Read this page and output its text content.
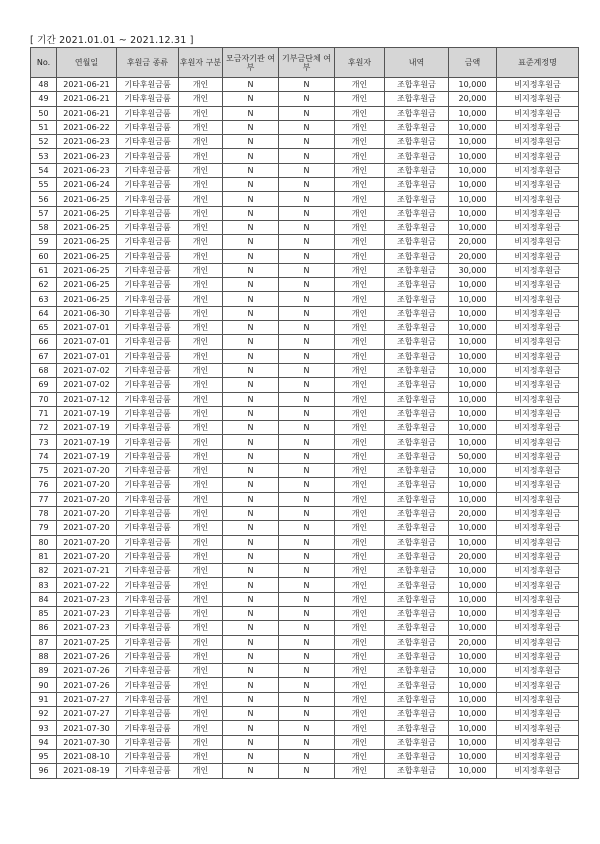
[ 기간 2021.01.01 ~ 2021.12.31 ]
No.	연월일	후원금 종류	후원자 구분	모금자기관 여부	기부금단체 여부	후원자	내역	금액	표준계정명
48	2021-06-21	기타후원금품	개인	N	N	개인	조합후원금	10,000	비지정후원금
49	2021-06-21	기타후원금품	개인	N	N	개인	조합후원금	20,000	비지정후원금
50	2021-06-21	기타후원금품	개인	N	N	개인	조합후원금	10,000	비지정후원금
51	2021-06-22	기타후원금품	개인	N	N	개인	조합후원금	10,000	비지정후원금
52	2021-06-23	기타후원금품	개인	N	N	개인	조합후원금	10,000	비지정후원금
53	2021-06-23	기타후원금품	개인	N	N	개인	조합후원금	10,000	비지정후원금
54	2021-06-23	기타후원금품	개인	N	N	개인	조합후원금	10,000	비지정후원금
55	2021-06-24	기타후원금품	개인	N	N	개인	조합후원금	10,000	비지정후원금
56	2021-06-25	기타후원금품	개인	N	N	개인	조합후원금	10,000	비지정후원금
57	2021-06-25	기타후원금품	개인	N	N	개인	조합후원금	10,000	비지정후원금
58	2021-06-25	기타후원금품	개인	N	N	개인	조합후원금	10,000	비지정후원금
59	2021-06-25	기타후원금품	개인	N	N	개인	조합후원금	20,000	비지정후원금
60	2021-06-25	기타후원금품	개인	N	N	개인	조합후원금	20,000	비지정후원금
61	2021-06-25	기타후원금품	개인	N	N	개인	조합후원금	30,000	비지정후원금
62	2021-06-25	기타후원금품	개인	N	N	개인	조합후원금	10,000	비지정후원금
63	2021-06-25	기타후원금품	개인	N	N	개인	조합후원금	10,000	비지정후원금
64	2021-06-30	기타후원금품	개인	N	N	개인	조합후원금	10,000	비지정후원금
65	2021-07-01	기타후원금품	개인	N	N	개인	조합후원금	10,000	비지정후원금
66	2021-07-01	기타후원금품	개인	N	N	개인	조합후원금	10,000	비지정후원금
67	2021-07-01	기타후원금품	개인	N	N	개인	조합후원금	10,000	비지정후원금
68	2021-07-02	기타후원금품	개인	N	N	개인	조합후원금	10,000	비지정후원금
69	2021-07-02	기타후원금품	개인	N	N	개인	조합후원금	10,000	비지정후원금
70	2021-07-12	기타후원금품	개인	N	N	개인	조합후원금	10,000	비지정후원금
71	2021-07-19	기타후원금품	개인	N	N	개인	조합후원금	10,000	비지정후원금
72	2021-07-19	기타후원금품	개인	N	N	개인	조합후원금	10,000	비지정후원금
73	2021-07-19	기타후원금품	개인	N	N	개인	조합후원금	10,000	비지정후원금
74	2021-07-19	기타후원금품	개인	N	N	개인	조합후원금	50,000	비지정후원금
75	2021-07-20	기타후원금품	개인	N	N	개인	조합후원금	10,000	비지정후원금
76	2021-07-20	기타후원금품	개인	N	N	개인	조합후원금	10,000	비지정후원금
77	2021-07-20	기타후원금품	개인	N	N	개인	조합후원금	10,000	비지정후원금
78	2021-07-20	기타후원금품	개인	N	N	개인	조합후원금	20,000	비지정후원금
79	2021-07-20	기타후원금품	개인	N	N	개인	조합후원금	10,000	비지정후원금
80	2021-07-20	기타후원금품	개인	N	N	개인	조합후원금	10,000	비지정후원금
81	2021-07-20	기타후원금품	개인	N	N	개인	조합후원금	20,000	비지정후원금
82	2021-07-21	기타후원금품	개인	N	N	개인	조합후원금	10,000	비지정후원금
83	2021-07-22	기타후원금품	개인	N	N	개인	조합후원금	10,000	비지정후원금
84	2021-07-23	기타후원금품	개인	N	N	개인	조합후원금	10,000	비지정후원금
85	2021-07-23	기타후원금품	개인	N	N	개인	조합후원금	10,000	비지정후원금
86	2021-07-23	기타후원금품	개인	N	N	개인	조합후원금	10,000	비지정후원금
87	2021-07-25	기타후원금품	개인	N	N	개인	조합후원금	20,000	비지정후원금
88	2021-07-26	기타후원금품	개인	N	N	개인	조합후원금	10,000	비지정후원금
89	2021-07-26	기타후원금품	개인	N	N	개인	조합후원금	10,000	비지정후원금
90	2021-07-26	기타후원금품	개인	N	N	개인	조합후원금	10,000	비지정후원금
91	2021-07-27	기타후원금품	개인	N	N	개인	조합후원금	10,000	비지정후원금
92	2021-07-27	기타후원금품	개인	N	N	개인	조합후원금	10,000	비지정후원금
93	2021-07-30	기타후원금품	개인	N	N	개인	조합후원금	10,000	비지정후원금
94	2021-07-30	기타후원금품	개인	N	N	개인	조합후원금	10,000	비지정후원금
95	2021-08-10	기타후원금품	개인	N	N	개인	조합후원금	10,000	비지정후원금
96	2021-08-19	기타후원금품	개인	N	N	개인	조합후원금	10,000	비지정후원금
